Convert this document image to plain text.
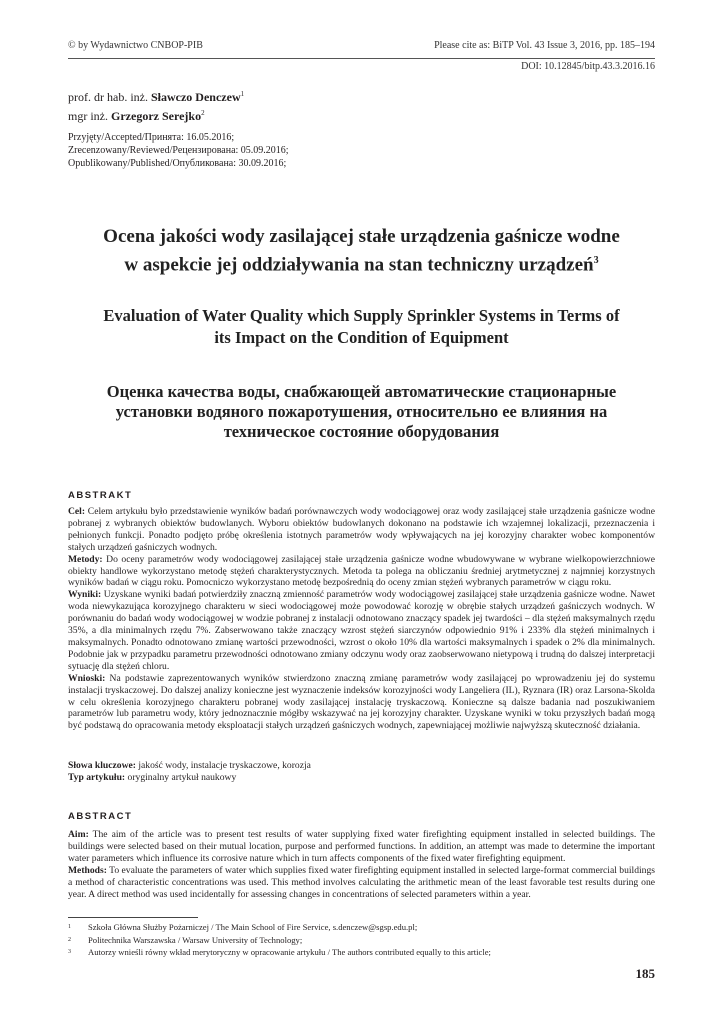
© by Wydawnictwo CNBOP-PIB	Please cite as: BiTP Vol. 43 Issue 3, 2016, pp. 185–194
DOI: 10.12845/bitp.43.3.2016.16
prof. dr hab. inż. Sławczo Denczew$^1$
mgr inż. Grzegorz Serejko$^2$
Przyjęty/Accepted/Принята: 16.05.2016;
Zrecenzowany/Reviewed/Рецензирована: 05.09.2016;
Opublikowany/Published/Опубликована: 30.09.2016;
Ocena jakości wody zasilającej stałe urządzenia gaśnicze wodne
w aspekcie jej oddziaływania na stan techniczny urządzeń$^3$
Evaluation of Water Quality which Supply Sprinkler Systems in Terms of
its Impact on the Condition of Equipment
Оценка качества воды, снабжающей автоматические стационарные
установки водяного пожаротушения, относительно ее влияния на
техническое состояние оборудования
ABSTRAKT

Cel: Celem artykułu było przedstawienie wyników badań porównawczych wody wodociągowej oraz wody zasilającej stałe urządzenia gaśnicze wodne pobranej z wybranych obiektów budowlanych. Wyboru obiektów budowlanych dokonano na podstawie ich wzajemnej lokalizacji, przeznaczenia i pełnionych funkcji. Ponadto podjęto próbę określenia istotnych parametrów wody wpływających na jej korozyjny charakter wobec komponentów stałych urządzeń gaśniczych wodnych.

Metody: Do oceny parametrów wody wodociągowej zasilającej stałe urządzenia gaśnicze wodne wbudowywane w wybrane wielkopowierzchniowe obiekty handlowe wykorzystano metodę stężeń charakterystycznych. Metoda ta polega na obliczaniu średniej arytmetycznej z najmniej korzystnych wyników badań w ciągu roku. Pomocniczo wykorzystano metodę bezpośrednią do oceny zmian stężeń wybranych parametrów w ciągu roku.

Wyniki: Uzyskane wyniki badań potwierdziły znaczną zmienność parametrów wody wodociągowej zasilającej stałe urządzenia gaśnicze wodne. Nawet woda niewykazująca korozyjnego charakteru w sieci wodociągowej może powodować korozję w obrębie stałych urządzeń gaśniczych wodnych. W porównaniu do badań wody wodociągowej w wodzie pobranej z instalacji odnotowano znaczący spadek jej twardości – dla stężeń maksymalnych rzędu 35%, a dla minimalnych rzędu 7%. Zabserwowano także znaczący wzrost stężeń siarczynów odpowiednio 91% i 233% dla stężeń minimalnych i maksymalnych. Ponadto odnotowano zmianę wartości przewodności, wzrost o około 10% dla wartości maksymalnych i spadek o 2% dla minimalnych. Podobnie jak w przypadku parametru przewodności odnotowano zmiany odczynu wody oraz zaobserwowano nietypową i trudną do dalszej interpretacji sytuację dla stężeń chloru.

Wnioski: Na podstawie zaprezentowanych wyników stwierdzono znaczną zmianę parametrów wody zasilającej po wprowadzeniu jej do systemu instalacji tryskaczowej. Do dalszej analizy konieczne jest wyznaczenie indeksów korozyjności wody Langeliera (IL), Ryznara (IR) oraz Larsona-Skolda w celu określenia korozyjnego charakteru pobranej wody zasilającej instalację tryskaczową. Konieczne są dalsze badania nad poszukiwaniem parametrów lub parametru wody, który jednoznacznie mógłby wskazywać na jej korozyjny charakter. Uzyskane wyniki w toku przyszłych badań mogą być podstawą do opracowania metody eksploatacji stałych urządzeń gaśniczych wodnych, zapewniającej możliwie najwyższą skuteczność działania.

Słowa kluczowe: jakość wody, instalacje tryskaczowe, korozja

Typ artykułu: oryginalny artykuł naukowy

ABSTRACT

Aim: The aim of the article was to present test results of water supplying fixed water firefighting equipment installed in selected buildings. The buildings were selected based on their mutual location, purpose and performed functions. In addition, an attempt was made to determine the important water parameters which influence its corrosive nature which in turn affects components of the fixed water firefighting equipment.

Methods: To evaluate the parameters of water which supplies fixed water firefighting equipment installed in selected large-format commercial buildings a method of characteristic concentrations was used. This method involves calculating the arithmetic mean of the least favorable test results during one year. A direct method was used incidentally for assessing changes in concentrations of selected parameters within a year.

1 Szkoła Główna Służby Pożarniczej / The Main School of Fire Service, s.denczew@sgsp.edu.pl;
2 Politechnika Warszawska / Warsaw University of Technology;
3 Autorzy wnieśli równy wkład merytoryczny w opracowanie artykułu / The authors contributed equally to this article;
185
